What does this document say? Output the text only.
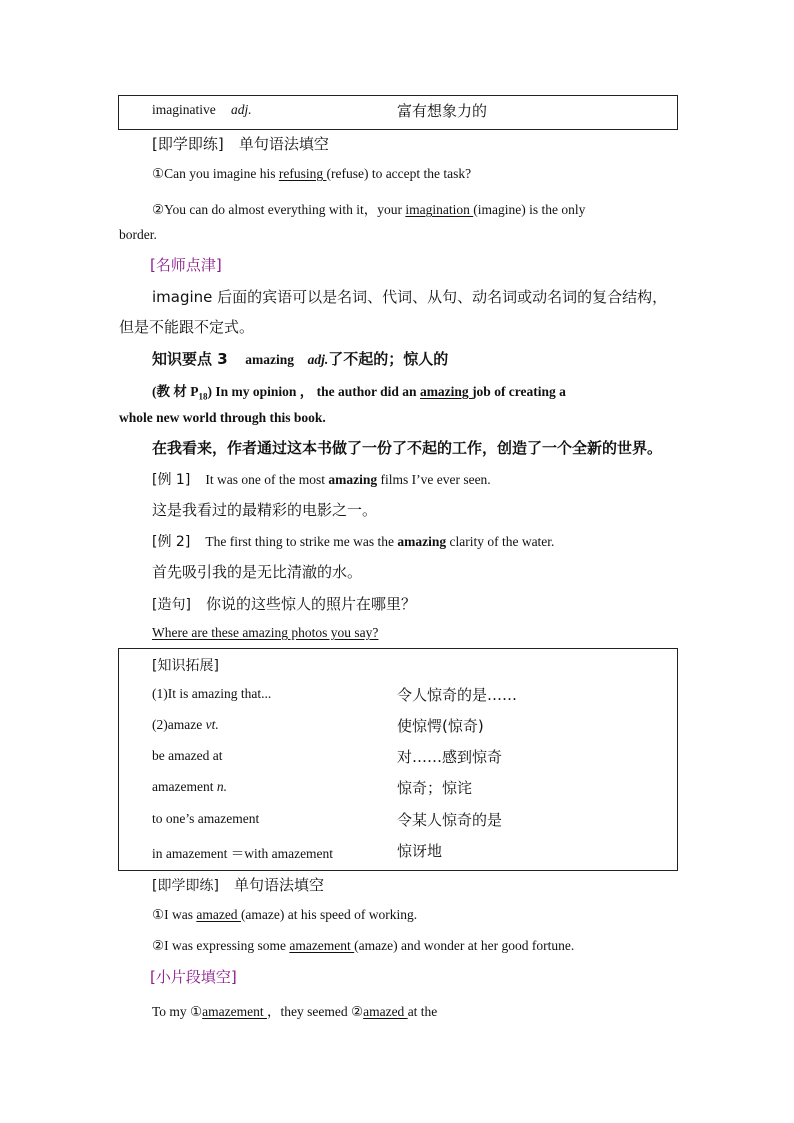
imaginative adj.	富有想象力的
[即学即练] 单句语法填空
①Can you imagine his refusing (refuse) to accept the task?
②You can do almost everything with it，your imagination (imagine) is the only
border.
[名师点津]
imagine 后面的宾语可以是名词、代词、从句、动名词或动名词的复合结构，
但是不能跟不定式。
知识要点 3 amazing adj.了不起的；惊人的
(教 材 $P_{18}$) In my opinion ， the author did an amazing job of creating a
whole new world through this book.
在我看来，作者通过这本书做了一份了不起的工作，创造了一个全新的世界。
[例 1] It was one of the most amazing films I’ve ever seen.
这是我看过的最精彩的电影之一。
[例 2] The first thing to strike me was the amazing clarity of the water.
首先吸引我的是无比清澈的水。
[造句] 你说的这些惊人的照片在哪里？
Where are these amazing photos you say?
[知识拓展]
(1)It is amazing that...	令人惊奇的是……
(2)amaze vt.	使惊愕(惊奇)
be amazed at	对……感到惊奇
amazement n.	惊奇；惊诧
to one’s amazement	令某人惊奇的是
in amazement ＝with amazement	惊讶地
[即学即练] 单句语法填空
①I was amazed (amaze) at his speed of working.
②I was expressing some amazement (amaze) and wonder at her good fortune.
[小片段填空]
To my ①amazement ，they seemed ②amazed at the
